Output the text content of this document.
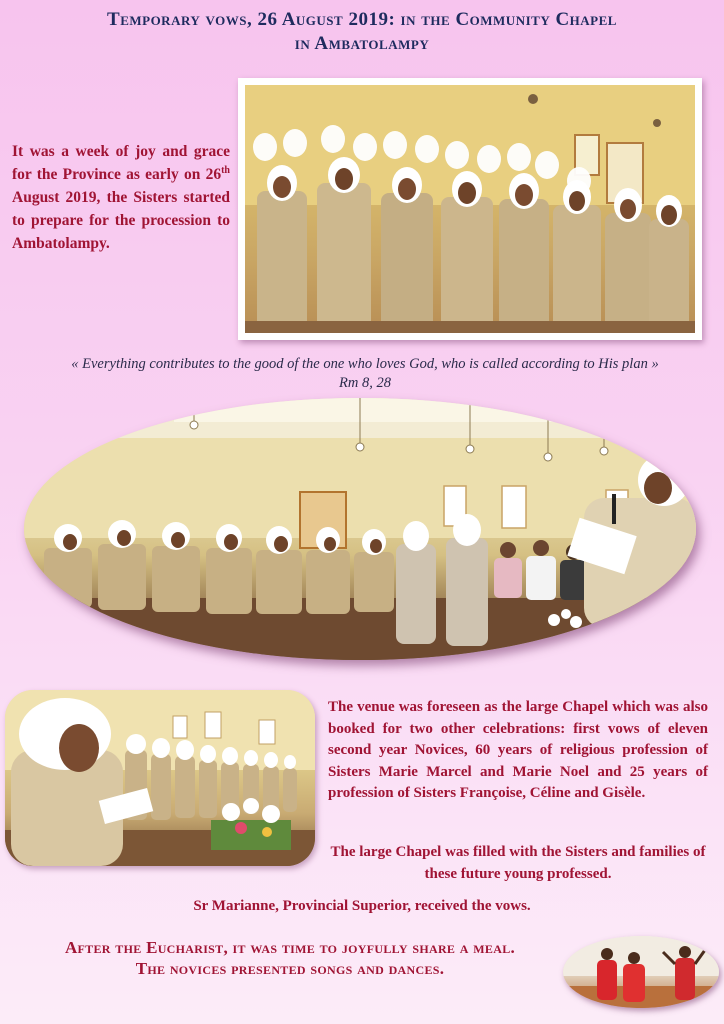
Temporary vows, 26 August 2019: in the Community Chapel
in Ambatolampy
It was a week of joy and grace for the Province as early on 26th August 2019, the Sisters started to prepare for the procession to Ambatolampy.
« Everything contributes to the good of the one who loves God, who is called according to His plan »
Rm 8, 28
The venue was foreseen as the large Chapel which was also booked for two other celebrations: first vows of eleven second year Novices, 60 years of religious profession of Sisters Marie Marcel and Marie Noel and 25 years of profession of Sisters Françoise, Céline and Gisèle.
The large Chapel was filled with the Sisters and families of these future young professed.
Sr Marianne, Provincial Superior, received the vows.
After the Eucharist, it was time to joyfully share a meal.
The novices presented songs and dances.
